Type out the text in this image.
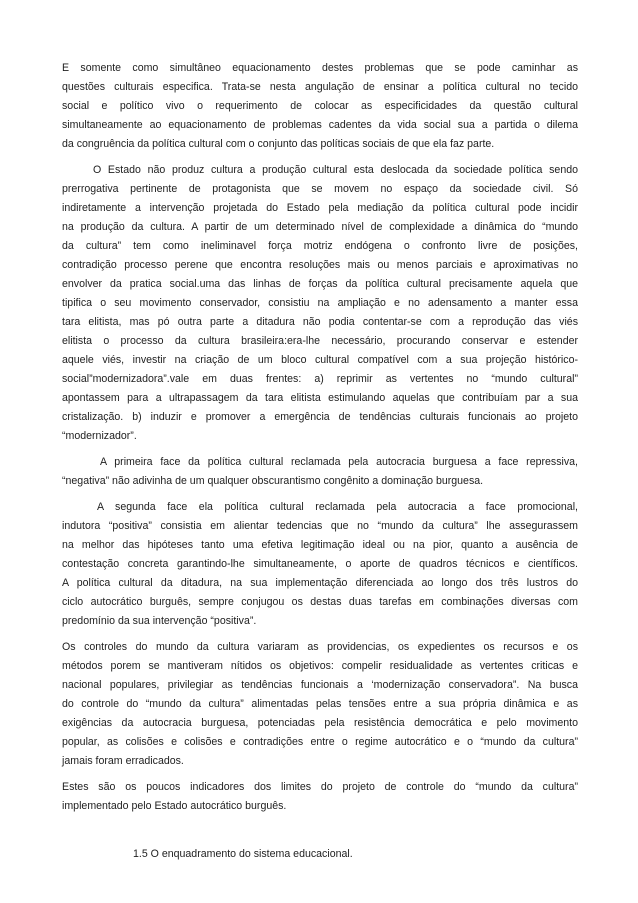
E somente como simultâneo equacionamento destes problemas que se pode caminhar as
questões culturais especifica. Trata-se nesta angulação de ensinar a política cultural no tecido
social e político vivo o requerimento de colocar as especificidades da questão cultural
simultaneamente ao equacionamento de problemas cadentes da vida social sua a partida o dilema
da congruência da política cultural com o conjunto das políticas sociais de que ela faz parte.
O Estado não produz cultura a produção cultural esta deslocada da sociedade política sendo
prerrogativa pertinente de protagonista que se movem no espaço da sociedade civil. Só
indiretamente a intervenção projetada do Estado pela mediação da política cultural pode incidir
na produção da cultura. A partir de um determinado nível de complexidade a dinâmica do “mundo
da cultura” tem como ineliminavel força motriz endógena o confronto livre de posições,
contradição processo perene que encontra resoluções mais ou menos parciais e aproximativas no
envolver da pratica social.uma das linhas de forças da política cultural precisamente aquela que
tipifica o seu movimento conservador, consistiu na ampliação e no adensamento a manter essa
tara elitista, mas pó outra parte a ditadura não podia contentar-se com a reprodução das viés
elitista o processo da cultura brasileira:era-lhe necessário, procurando conservar e estender
aquele viés, investir na criação de um bloco cultural compatível com a sua projeção histórico-
social”modernizadora”.vale em duas frentes: a) reprimir as vertentes no “mundo cultural”
apontassem para a ultrapassagem da tara elitista estimulando aquelas que contribuíam par a sua
cristalização. b) induzir e promover a emergência de tendências culturais funcionais ao projeto
“modernizador”.
A primeira face da política cultural reclamada pela autocracia burguesa a face repressiva,
“negativa” não adivinha de um qualquer obscurantismo congênito a dominação burguesa.
A segunda face ela política cultural reclamada pela autocracia a face promocional,
indutora “positiva” consistia em alientar tedencias que no “mundo da cultura” lhe assegurassem
na melhor das hipóteses tanto uma efetiva legitimação ideal ou na pior, quanto a ausência de
contestação concreta garantindo-lhe simultaneamente, o aporte de quadros técnicos e científicos.
A política cultural da ditadura, na sua implementação diferenciada ao longo dos três lustros do
ciclo autocrático burguês, sempre conjugou os destas duas tarefas em combinações diversas com
predomínio da sua intervenção “positiva”.
Os controles do mundo da cultura variaram as providencias, os expedientes os recursos e os
métodos porem se mantiveram nítidos os objetivos: compelir residualidade as vertentes criticas e
nacional populares, privilegiar as tendências funcionais a ‘modernização conservadora”. Na busca
do controle do “mundo da cultura” alimentadas pelas tensões entre a sua própria dinâmica e as
exigências da autocracia burguesa, potenciadas pela resistência democrática e pelo movimento
popular, as colisões e colisões e contradições entre o regime autocrático e o “mundo da cultura”
jamais foram erradicados.
Estes são os poucos indicadores dos limites do projeto de controle do “mundo da cultura”
implementado pelo Estado autocrático burguês.
1.5 O enquadramento do sistema educacional.
